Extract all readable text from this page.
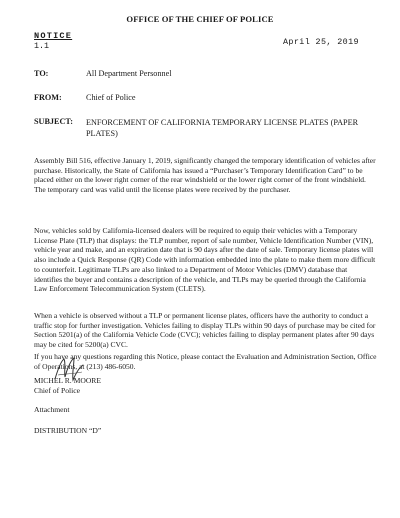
OFFICE OF THE CHIEF OF POLICE
NOTICE
1.1	April 25, 2019
TO:	All Department Personnel
FROM:	Chief of Police
SUBJECT: ENFORCEMENT OF CALIFORNIA TEMPORARY LICENSE PLATES (PAPER PLATES)
Assembly Bill 516, effective January 1, 2019, significantly changed the temporary identification of vehicles after purchase. Historically, the State of California has issued a “Purchaser’s Temporary Identification Card” to be placed either on the lower right corner of the rear windshield or the lower right corner of the front windshield. The temporary card was valid until the license plates were received by the purchaser.
Now, vehicles sold by California-licensed dealers will be required to equip their vehicles with a Temporary License Plate (TLP) that displays: the TLP number, report of sale number, Vehicle Identification Number (VIN), vehicle year and make, and an expiration date that is 90 days after the date of sale. Temporary license plates will also include a Quick Response (QR) Code with information embedded into the plate to make them more difficult to counterfeit. Legitimate TLPs are also linked to a Department of Motor Vehicles (DMV) database that identifies the buyer and contains a description of the vehicle, and TLPs may be queried through the California Law Enforcement Telecommunication System (CLETS).
When a vehicle is observed without a TLP or permanent license plates, officers have the authority to conduct a traffic stop for further investigation. Vehicles failing to display TLPs within 90 days of purchase may be cited for Section 5201(a) of the California Vehicle Code (CVC); vehicles failing to display permanent plates after 90 days may be cited for 5200(a) CVC.
If you have any questions regarding this Notice, please contact the Evaluation and Administration Section, Office of Operations, at (213) 486-6050.
MICHEL R. MOORE
Chief of Police
Attachment
DISTRIBUTION “D”
